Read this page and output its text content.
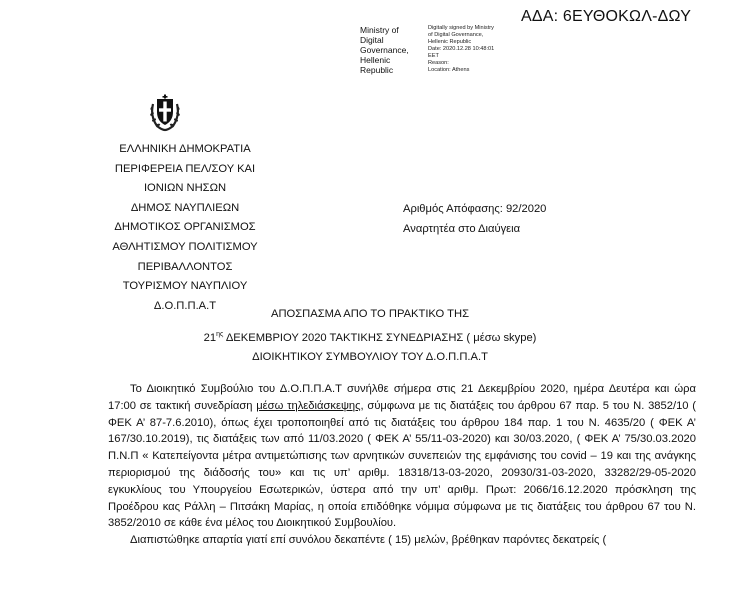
ΑΔΑ: 6ΕΥΘΟΚΩΛ-ΔΩΥ
Ministry of Digital
Governance,
Hellenic Republic
Digitally signed by Ministry
of Digital Governance,
Hellenic Republic
Date: 2020.12.28 10:48:01
EET
Reason:
Location: Athens
ΕΛΛΗΝΙΚΗ ΔΗΜΟΚΡΑΤΙΑ
ΠΕΡΙΦΕΡΕΙΑ ΠΕΛ/ΣΟΥ ΚΑΙ
ΙΟΝΙΩΝ ΝΗΣΩΝ
ΔΗΜΟΣ ΝΑΥΠΛΙΕΩΝ
ΔΗΜΟΤΙΚΟΣ ΟΡΓΑΝΙΣΜΟΣ
ΑΘΛΗΤΙΣΜΟΥ ΠΟΛΙΤΙΣΜΟΥ
ΠΕΡΙΒΑΛΛΟΝΤΟΣ
ΤΟΥΡΙΣΜΟΥ ΝΑΥΠΛΙΟΥ
Δ.Ο.Π.Π.Α.Τ
Αριθμός Απόφασης: 92/2020
Αναρτητέα στο Διαύγεια
ΑΠΟΣΠΑΣΜΑ ΑΠΟ ΤΟ ΠΡΑΚΤΙΚΟ ΤΗΣ
$21^{\eta\varsigma}$ ΔΕΚΕΜΒΡΙΟΥ 2020 ΤΑΚΤΙΚΗΣ ΣΥΝΕΔΡΙΑΣΗΣ ( μέσω skype)
ΔΙΟΙΚΗΤΙΚΟΥ ΣΥΜΒΟΥΛΙΟΥ ΤΟΥ Δ.Ο.Π.Π.Α.Τ

Το Διοικητικό Συμβούλιο του Δ.Ο.Π.Π.Α.Τ συνήλθε σήμερα στις 21 Δεκεμβρίου 2020, ημέρα Δευτέρα και ώρα 17:00 σε τακτική συνεδρίαση μέσω τηλεδιάσκεψης, σύμφωνα με τις διατάξεις του άρθρου 67 παρ. 5 του Ν. 3852/10 ( ΦΕΚ Α’ 87-7.6.2010), όπως έχει τροποποιηθεί από τις διατάξεις του άρθρου 184 παρ. 1 του Ν. 4635/20 ( ΦΕΚ Α’ 167/30.10.2019), τις διατάξεις των από 11/03.2020 ( ΦΕΚ Α’ 55/11-03-2020) και 30/03.2020, ( ΦΕΚ Α’ 75/30.03.2020 Π.Ν.Π « Κατεπείγοντα μέτρα αντιμετώπισης των αρνητικών συνεπειών της εμφάνισης του covid – 19 και της ανάγκης περιορισμού της διάδοσής του» και τις υπ’ αριθμ. 18318/13-03-2020, 20930/31-03-2020, 33282/29-05-2020 εγκυκλίους του Υπουργείου Εσωτερικών, ύστερα από την υπ’ αριθμ. Πρωτ: 2066/16.12.2020 πρόσκληση της Προέδρου κας Ράλλη – Πιτσάκη Μαρίας, η οποία επιδόθηκε νόμιμα σύμφωνα με τις διατάξεις του άρθρου 67 του Ν. 3852/2010 σε κάθε ένα μέλος του Διοικητικού Συμβουλίου.

Διαπιστώθηκε απαρτία γιατί επί συνόλου δεκαπέντε ( 15) μελών, βρέθηκαν παρόντες δεκατρείς (
